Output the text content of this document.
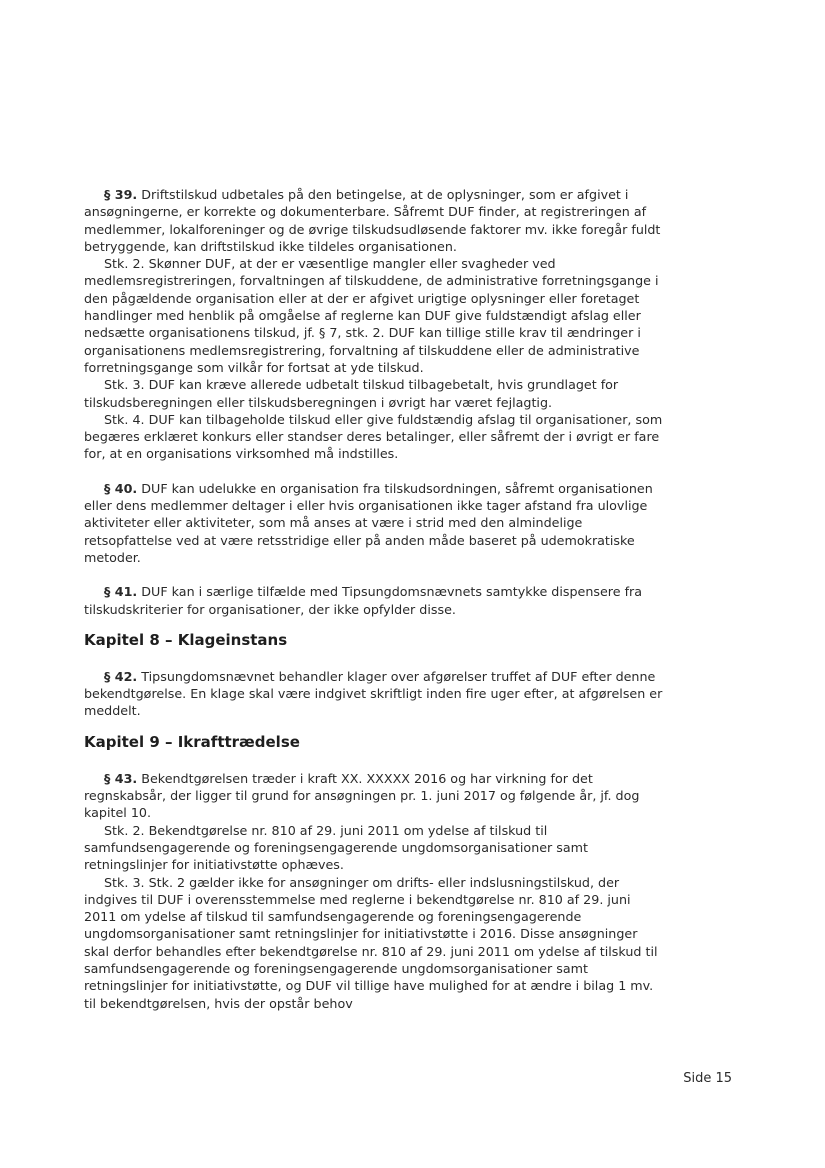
§ 39. Driftstilskud udbetales på den betingelse, at de oplysninger, som er afgivet i ansøgningerne, er korrekte og dokumenterbare. Såfremt DUF finder, at registreringen af medlemmer, lokalforeninger og de øvrige tilskudsudløsende faktorer mv. ikke foregår fuldt betryggende, kan driftstilskud ikke tildeles organisationen.

Stk. 2. Skønner DUF, at der er væsentlige mangler eller svagheder ved medlemsregistreringen, forvaltningen af tilskuddene, de administrative forretningsgange i den pågældende organisation eller at der er afgivet urigtige oplysninger eller foretaget handlinger med henblik på omgåelse af reglerne kan DUF give fuldstændigt afslag eller nedsætte organisationens tilskud, jf. § 7, stk. 2. DUF kan tillige stille krav til ændringer i organisationens medlemsregistrering, forvaltning af tilskuddene eller de administrative forretningsgange som vilkår for fortsat at yde tilskud.

Stk. 3. DUF kan kræve allerede udbetalt tilskud tilbagebetalt, hvis grundlaget for tilskudsberegningen eller tilskudsberegningen i øvrigt har været fejlagtig.

Stk. 4. DUF kan tilbageholde tilskud eller give fuldstændig afslag til organisationer, som begæres erklæret konkurs eller standser deres betalinger, eller såfremt der i øvrigt er fare for, at en organisations virksomhed må indstilles.

§ 40. DUF kan udelukke en organisation fra tilskudsordningen, såfremt organisationen eller dens medlemmer deltager i eller hvis organisationen ikke tager afstand fra ulovlige aktiviteter eller aktiviteter, som må anses at være i strid med den almindelige retsopfattelse ved at være retsstridige eller på anden måde baseret på udemokratiske metoder.

§ 41. DUF kan i særlige tilfælde med Tipsungdomsnævnets samtykke dispensere fra tilskudskriterier for organisationer, der ikke opfylder disse.

Kapitel 8 – Klageinstans

§ 42. Tipsungdomsnævnet behandler klager over afgørelser truffet af DUF efter denne bekendtgørelse. En klage skal være indgivet skriftligt inden fire uger efter, at afgørelsen er meddelt.

Kapitel 9 – Ikrafttrædelse

§ 43. Bekendtgørelsen træder i kraft XX. XXXXX 2016 og har virkning for det regnskabsår, der ligger til grund for ansøgningen pr. 1. juni 2017 og følgende år, jf. dog kapitel 10.

Stk. 2. Bekendtgørelse nr. 810 af 29. juni 2011 om ydelse af tilskud til samfundsengagerende og foreningsengagerende ungdomsorganisationer samt retningslinjer for initiativstøtte ophæves.

Stk. 3. Stk. 2 gælder ikke for ansøgninger om drifts- eller indslusningstilskud, der indgives til DUF i overensstemmelse med reglerne i bekendtgørelse nr. 810 af 29. juni 2011 om ydelse af tilskud til samfundsengagerende og foreningsengagerende ungdomsorganisationer samt retningslinjer for initiativstøtte i 2016. Disse ansøgninger skal derfor behandles efter bekendtgørelse nr. 810 af 29. juni 2011 om ydelse af tilskud til samfundsengagerende og foreningsengagerende ungdomsorganisationer samt retningslinjer for initiativstøtte, og DUF vil tillige have mulighed for at ændre i bilag 1 mv. til bekendtgørelsen, hvis der opstår behov

Side 15
